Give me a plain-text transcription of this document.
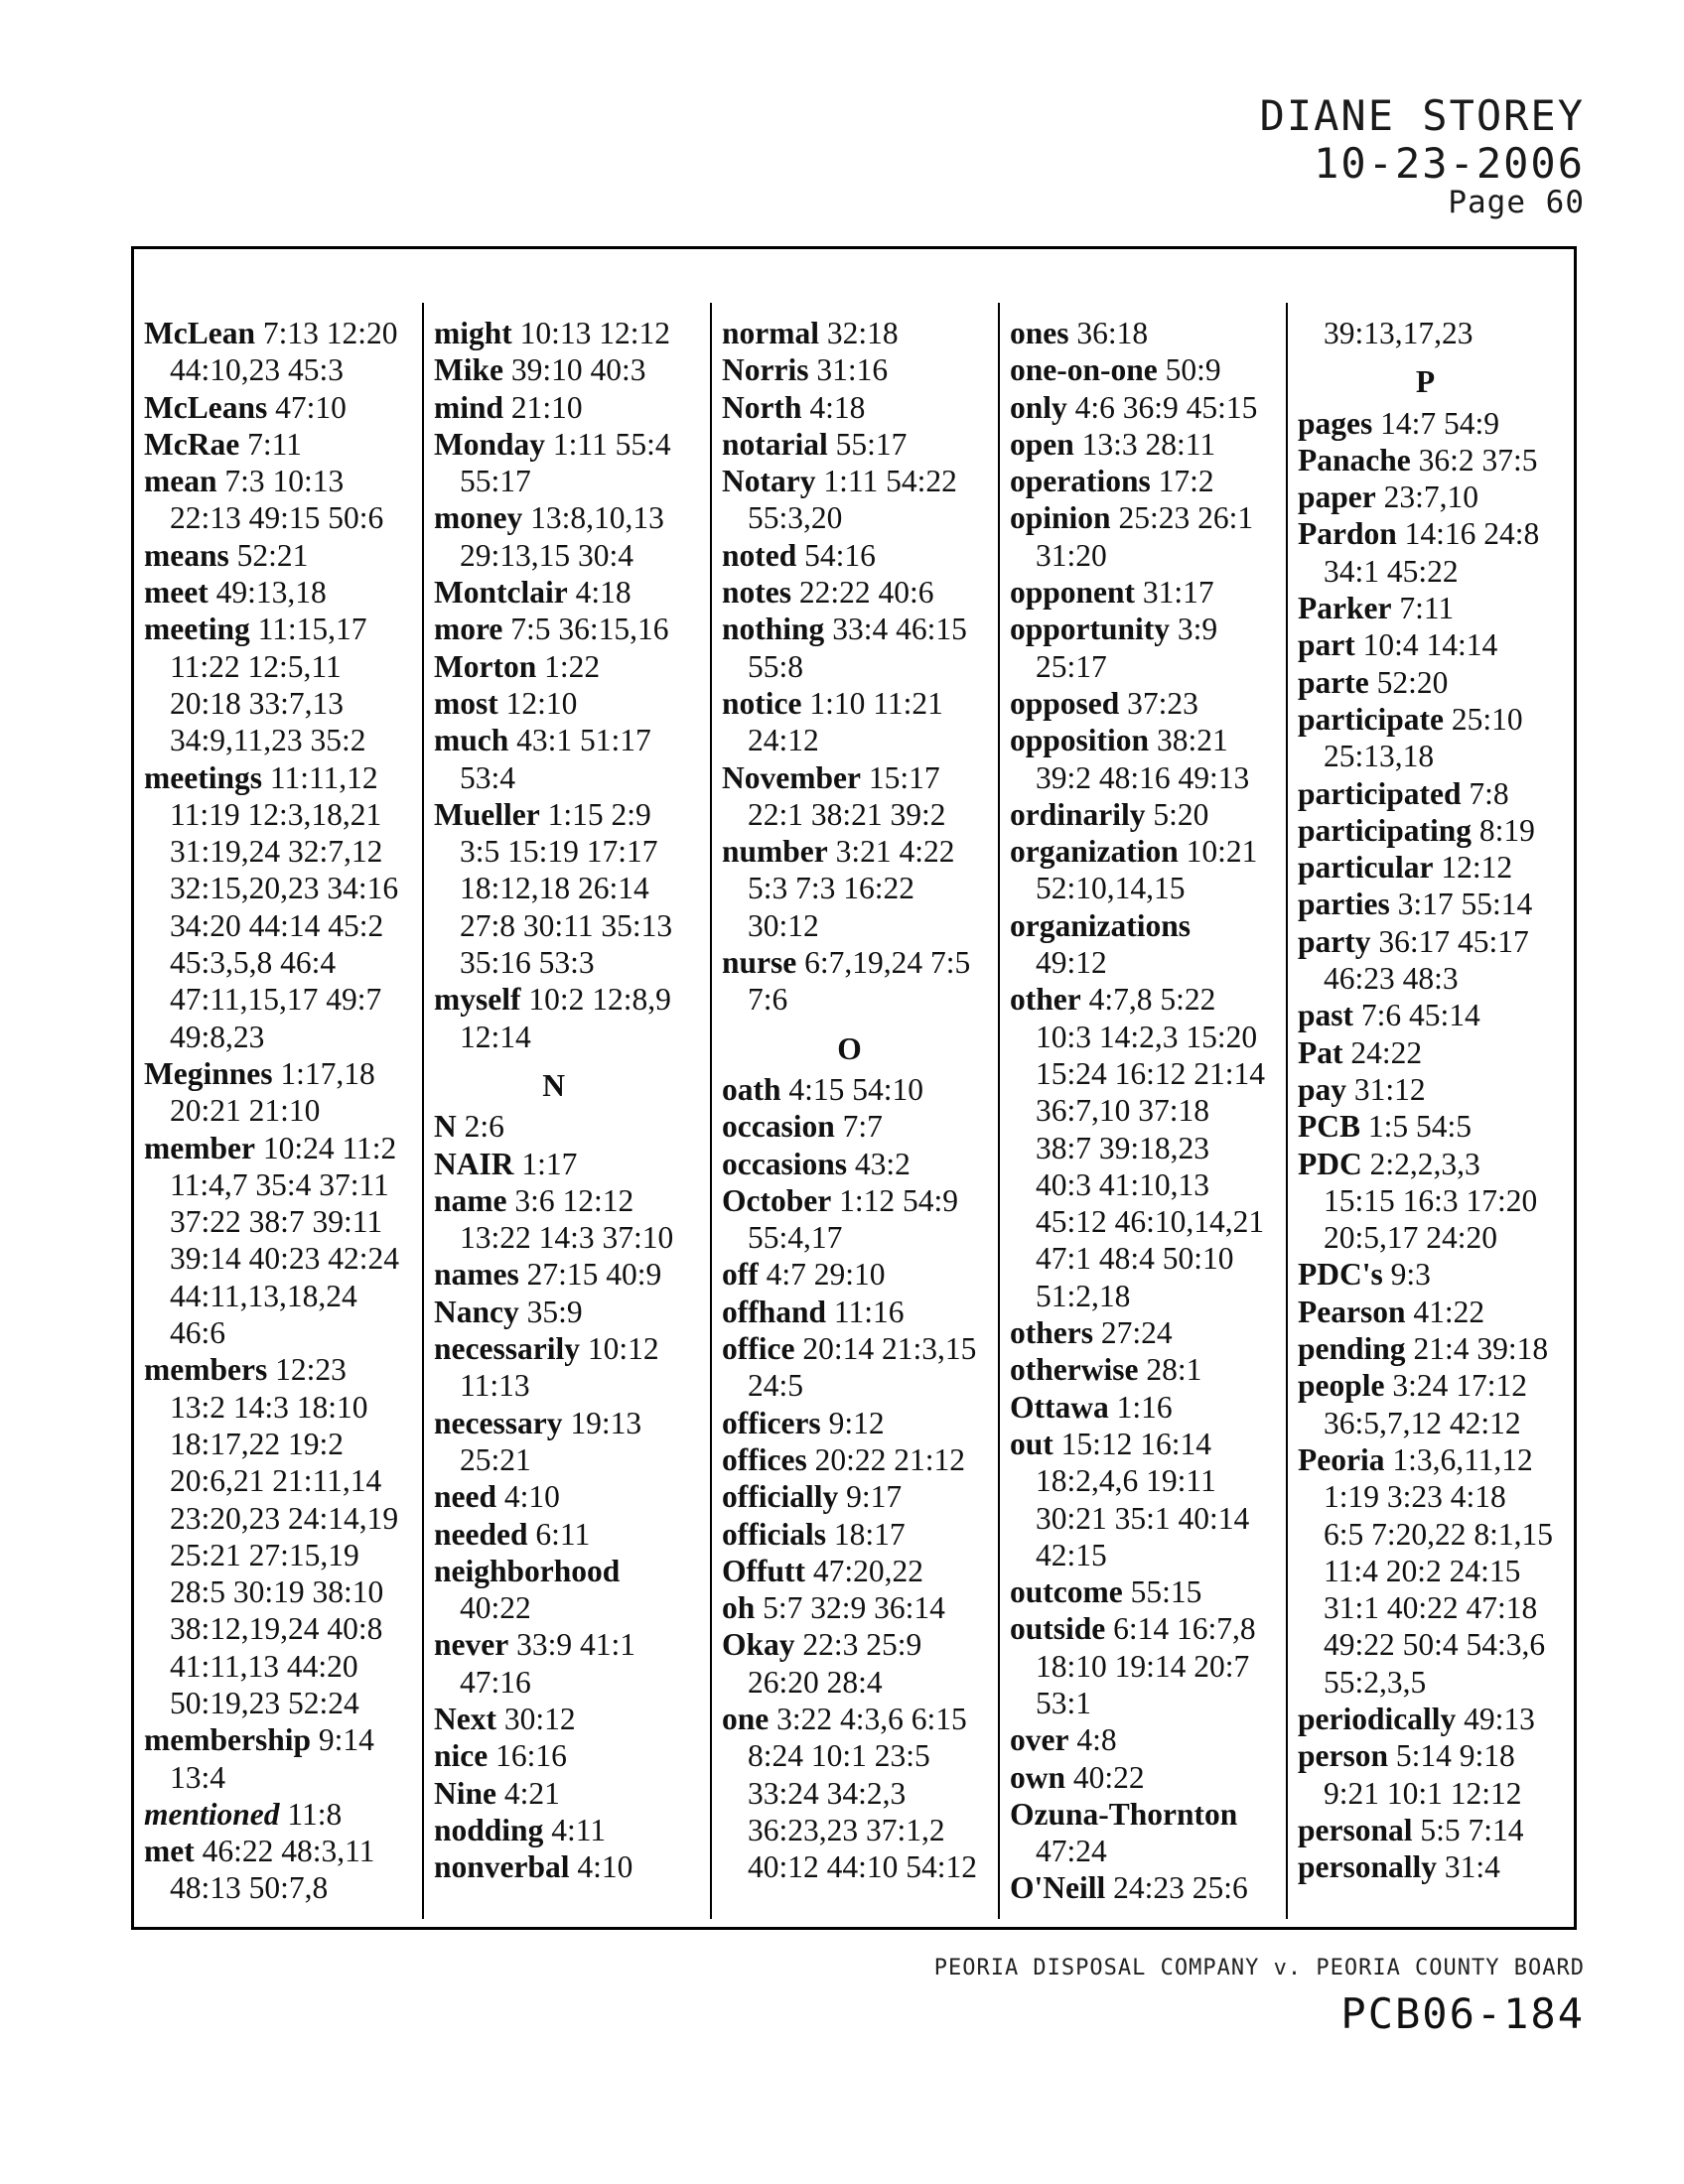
DIANE STOREY
10-23-2006
Page 60
McLean 7:13 12:20
44:10,23 45:3
McLeans 47:10
McRae 7:11
mean 7:3 10:13
22:13 49:15 50:6
means 52:21
meet 49:13,18
meeting 11:15,17
11:22 12:5,11
20:18 33:7,13
34:9,11,23 35:2
meetings 11:11,12
11:19 12:3,18,21
31:19,24 32:7,12
32:15,20,23 34:16
34:20 44:14 45:2
45:3,5,8 46:4
47:11,15,17 49:7
49:8,23
Meginnes 1:17,18
20:21 21:10
member 10:24 11:2
11:4,7 35:4 37:11
37:22 38:7 39:11
39:14 40:23 42:24
44:11,13,18,24
46:6
members 12:23
13:2 14:3 18:10
18:17,22 19:2
20:6,21 21:11,14
23:20,23 24:14,19
25:21 27:15,19
28:5 30:19 38:10
38:12,19,24 40:8
41:11,13 44:20
50:19,23 52:24
membership 9:14
13:4
mentioned 11:8
met 46:22 48:3,11
48:13 50:7,8
might 10:13 12:12
Mike 39:10 40:3
mind 21:10
Monday 1:11 55:4
55:17
money 13:8,10,13
29:13,15 30:4
Montclair 4:18
more 7:5 36:15,16
Morton 1:22
most 12:10
much 43:1 51:17
53:4
Mueller 1:15 2:9
3:5 15:19 17:17
18:12,18 26:14
27:8 30:11 35:13
35:16 53:3
myself 10:2 12:8,9
12:14
N
N 2:6
NAIR 1:17
name 3:6 12:12
13:22 14:3 37:10
names 27:15 40:9
Nancy 35:9
necessarily 10:12
11:13
necessary 19:13
25:21
need 4:10
needed 6:11
neighborhood
40:22
never 33:9 41:1
47:16
Next 30:12
nice 16:16
Nine 4:21
nodding 4:11
nonverbal 4:10
normal 32:18
Norris 31:16
North 4:18
notarial 55:17
Notary 1:11 54:22
55:3,20
noted 54:16
notes 22:22 40:6
nothing 33:4 46:15
55:8
notice 1:10 11:21
24:12
November 15:17
22:1 38:21 39:2
number 3:21 4:22
5:3 7:3 16:22
30:12
nurse 6:7,19,24 7:5
7:6
O
oath 4:15 54:10
occasion 7:7
occasions 43:2
October 1:12 54:9
55:4,17
off 4:7 29:10
offhand 11:16
office 20:14 21:3,15
24:5
officers 9:12
offices 20:22 21:12
officially 9:17
officials 18:17
Offutt 47:20,22
oh 5:7 32:9 36:14
Okay 22:3 25:9
26:20 28:4
one 3:22 4:3,6 6:15
8:24 10:1 23:5
33:24 34:2,3
36:23,23 37:1,2
40:12 44:10 54:12
ones 36:18
one-on-one 50:9
only 4:6 36:9 45:15
open 13:3 28:11
operations 17:2
opinion 25:23 26:1
31:20
opponent 31:17
opportunity 3:9
25:17
opposed 37:23
opposition 38:21
39:2 48:16 49:13
ordinarily 5:20
organization 10:21
52:10,14,15
organizations
49:12
other 4:7,8 5:22
10:3 14:2,3 15:20
15:24 16:12 21:14
36:7,10 37:18
38:7 39:18,23
40:3 41:10,13
45:12 46:10,14,21
47:1 48:4 50:10
51:2,18
others 27:24
otherwise 28:1
Ottawa 1:16
out 15:12 16:14
18:2,4,6 19:11
30:21 35:1 40:14
42:15
outcome 55:15
outside 6:14 16:7,8
18:10 19:14 20:7
53:1
over 4:8
own 40:22
Ozuna-Thornton
47:24
O'Neill 24:23 25:6
39:13,17,23
P
pages 14:7 54:9
Panache 36:2 37:5
paper 23:7,10
Pardon 14:16 24:8
34:1 45:22
Parker 7:11
part 10:4 14:14
parte 52:20
participate 25:10
25:13,18
participated 7:8
participating 8:19
particular 12:12
parties 3:17 55:14
party 36:17 45:17
46:23 48:3
past 7:6 45:14
Pat 24:22
pay 31:12
PCB 1:5 54:5
PDC 2:2,2,3,3
15:15 16:3 17:20
20:5,17 24:20
PDC's 9:3
Pearson 41:22
pending 21:4 39:18
people 3:24 17:12
36:5,7,12 42:12
Peoria 1:3,6,11,12
1:19 3:23 4:18
6:5 7:20,22 8:1,15
11:4 20:2 24:15
31:1 40:22 47:18
49:22 50:4 54:3,6
55:2,3,5
periodically 49:13
person 5:14 9:18
9:21 10:1 12:12
personal 5:5 7:14
personally 31:4
PEORIA DISPOSAL COMPANY v. PEORIA COUNTY BOARD
PCB06-184
